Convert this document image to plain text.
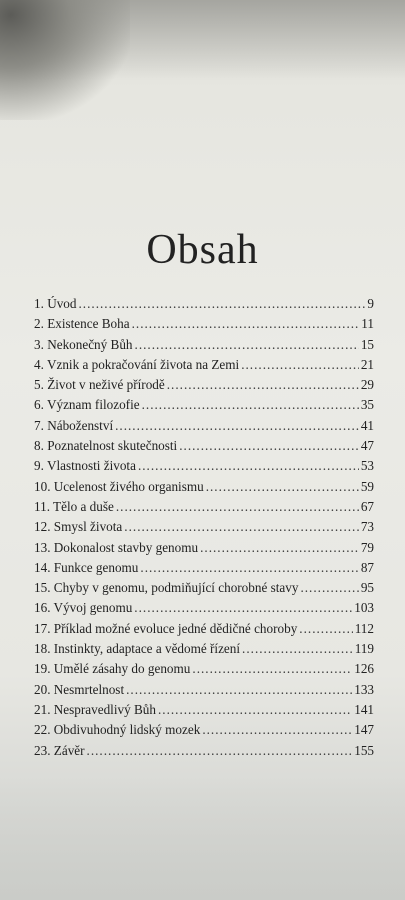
Obsah
1. Úvod .....	9
2. Existence Boha .....	11
3. Nekonečný Bůh .....	15
4. Vznik a pokračování života na Zemi .....	21
5. Život v neživé přírodě .....	29
6. Význam filozofie .....	35
7. Náboženství .....	41
8. Poznatelnost skutečnosti .....	47
9. Vlastnosti života .....	53
10. Ucelenost živého organismu .....	59
11. Tělo a duše .....	67
12. Smysl života .....	73
13. Dokonalost stavby genomu .....	79
14. Funkce genomu .....	87
15. Chyby v genomu, podmiňující chorobné stavy .....	95
16. Vývoj genomu .....	103
17. Příklad možné evoluce jedné dědičné choroby .....	112
18. Instinkty, adaptace a vědomé řízení .....	119
19. Umělé zásahy do genomu .....	126
20. Nesmrtelnost .....	133
21. Nespravedlivý Bůh .....	141
22. Obdivuhodný lidský mozek .....	147
23. Závěr .....	155
